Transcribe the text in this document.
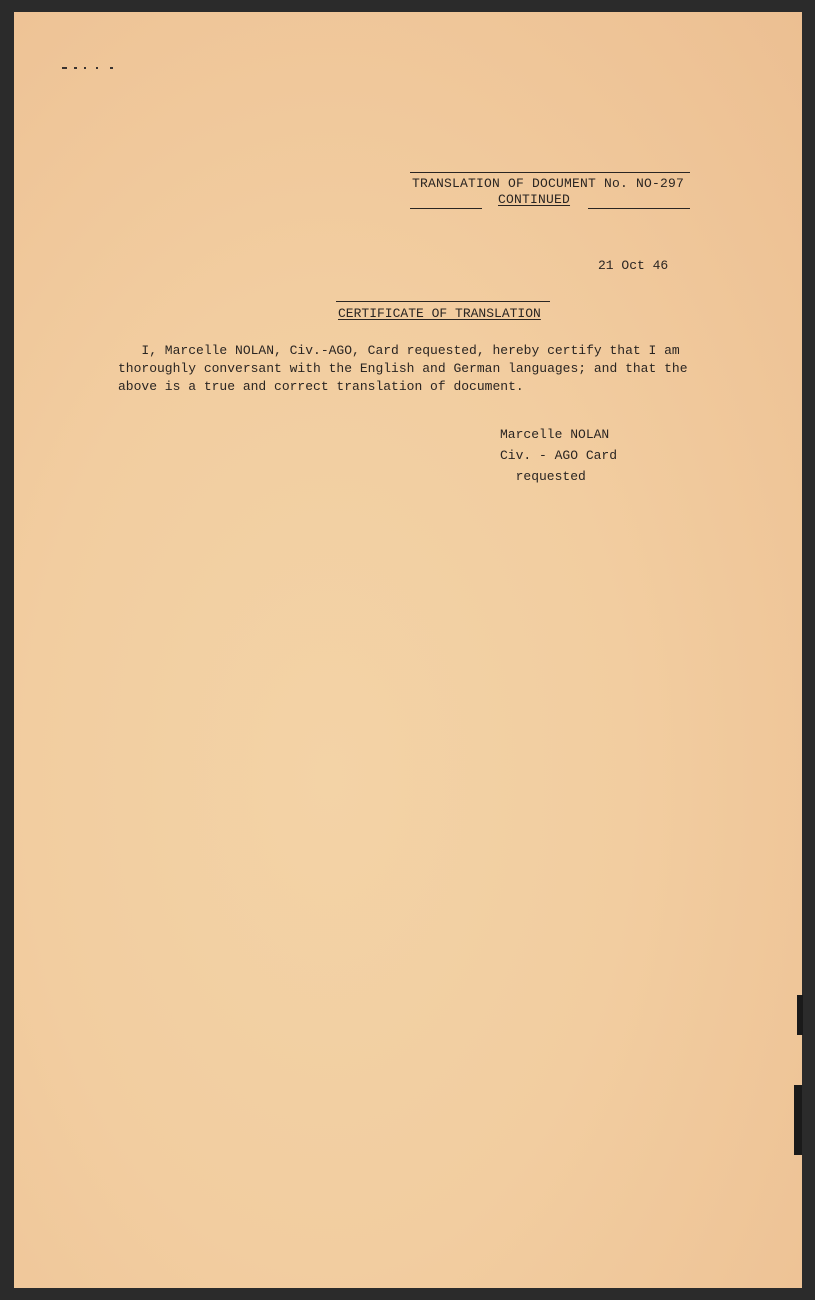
TRANSLATION OF DOCUMENT No. NO-297
CONTINUED
21 Oct 46
CERTIFICATE OF TRANSLATION
I, Marcelle NOLAN, Civ.-AGO, Card requested, hereby certify that I am
thoroughly conversant with the English and German languages; and that the
above is a true and correct translation of document.
Marcelle NOLAN
Civ. - AGO Card
requested
